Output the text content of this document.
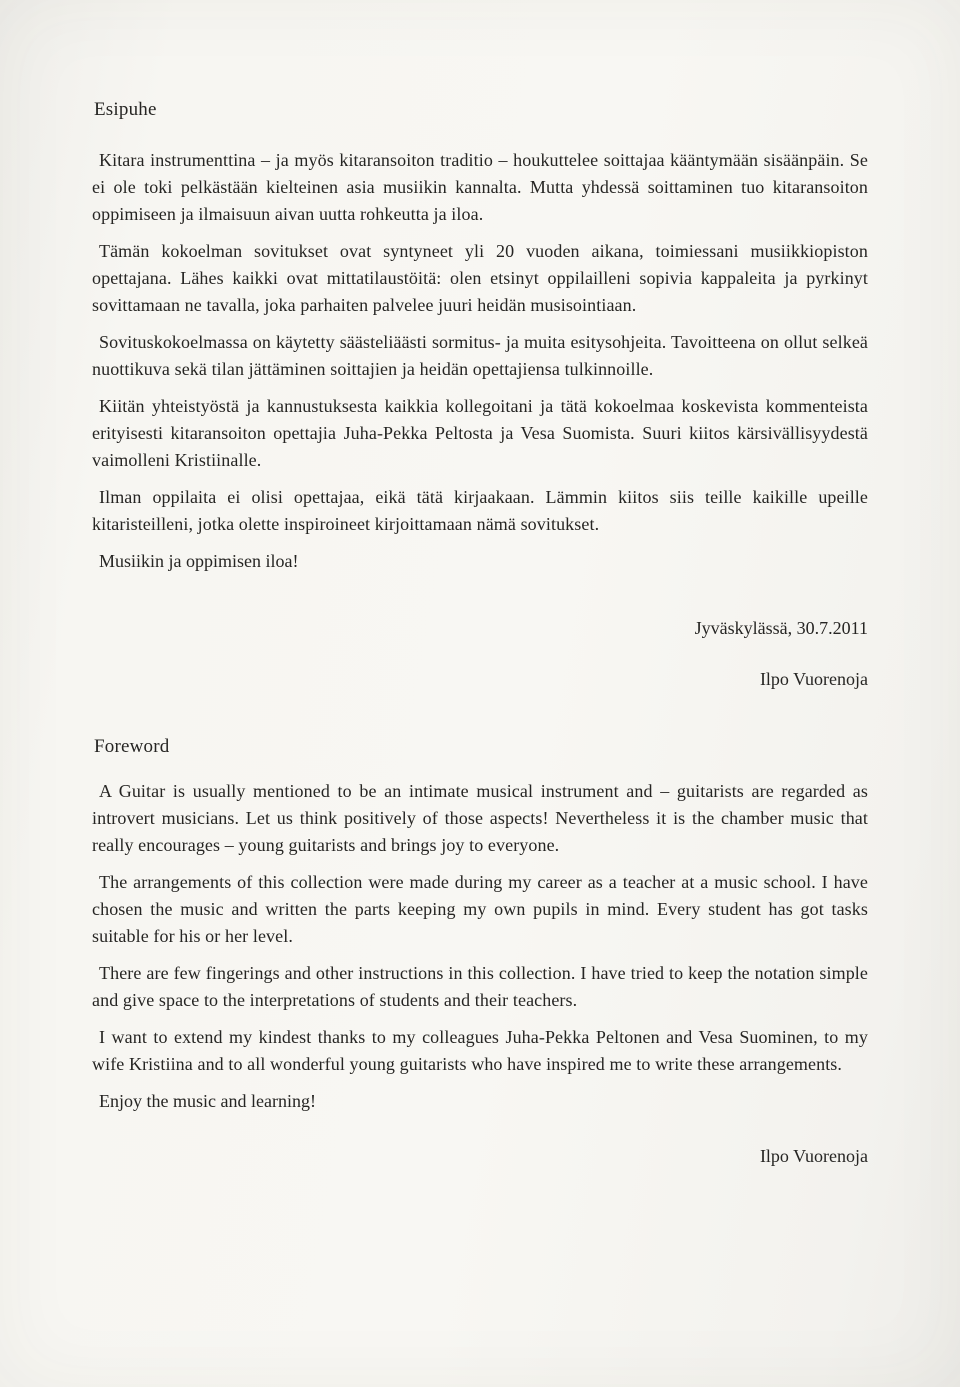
Esipuhe

Kitara instrumenttina – ja myös kitaransoiton traditio – houkuttelee soittajaa kääntymään sisäänpäin. Se ei ole toki pelkästään kielteinen asia musiikin kannalta. Mutta yhdessä soittaminen tuo kitaransoiton oppimiseen ja ilmaisuun aivan uutta rohkeutta ja iloa.

Tämän kokoelman sovitukset ovat syntyneet yli 20 vuoden aikana, toimiessani musiikkiopiston opettajana. Lähes kaikki ovat mittatilaustöitä: olen etsinyt oppilailleni sopivia kappaleita ja pyrkinyt sovittamaan ne tavalla, joka parhaiten palvelee juuri heidän musisointiaan.

Sovituskokoelmassa on käytetty säästeliäästi sormitus- ja muita esitysohjeita. Tavoitteena on ollut selkeä nuottikuva sekä tilan jättäminen soittajien ja heidän opettajiensa tulkinnoille.

Kiitän yhteistyöstä ja kannustuksesta kaikkia kollegoitani ja tätä kokoelmaa koskevista kommenteista erityisesti kitaransoiton opettajia Juha-Pekka Peltosta ja Vesa Suomista. Suuri kiitos kärsivällisyydestä vaimolleni Kristiinalle.

Ilman oppilaita ei olisi opettajaa, eikä tätä kirjaakaan. Lämmin kiitos siis teille kaikille upeille kitaristeilleni, jotka olette inspiroineet kirjoittamaan nämä sovitukset.

Musiikin ja oppimisen iloa!

Jyväskylässä, 30.7.2011

Ilpo Vuorenoja

Foreword

A Guitar is usually mentioned to be an intimate musical instrument and – guitarists are regarded as introvert musicians. Let us think positively of those aspects! Nevertheless it is the chamber music that really encourages – young guitarists and brings joy to everyone.

The arrangements of this collection were made during my career as a teacher at a music school. I have chosen the music and written the parts keeping my own pupils in mind. Every student has got tasks suitable for his or her level.

There are few fingerings and other instructions in this collection. I have tried to keep the notation simple and give space to the interpretations of students and their teachers.

I want to extend my kindest thanks to my colleagues Juha-Pekka Peltonen and Vesa Suominen, to my wife Kristiina and to all wonderful young guitarists who have inspired me to write these arrangements.

Enjoy the music and learning!

Ilpo Vuorenoja
